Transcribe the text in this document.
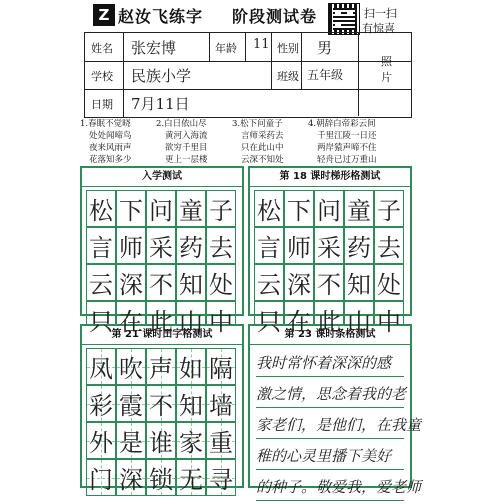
Z 赵汝飞练字 阶段测试卷	扫一扫
有惊喜
姓名 张宏博	年龄 11 性别 男
学校 民族小学	班级 五年级
日期 7月11日
照片
1.春眠不觉晓
处处闻啼鸟
夜来风雨声
花落知多少
2.白日依山尽
黄河入海流
欲穷千里目
更上一层楼
3.松下问童子
言师采药去
只在此山中
云深不知处
4.朝辞白帝彩云间
千里江陵一日还
两岸猿声啼不住
轻舟已过万重山
入学测试
松 下 问 童 子
言 师 采 药 去
云 深 不 知 处
只 在 此 山 中
第 18 课时梯形格测试
松 下 问 童 子
言 师 采 药 去
云 深 不 知 处
只 在 此 山 中
第 21 课时田字格测试
凤 吹 声 如 隔
彩 霞 不 知 墙
外 是 谁 家 重
门 深 锁 无 寻
第 23 课时条格测试
我时常怀着深深的感
激之情，思念着我的老
家老们，是他们，在我童
稚的心灵里播下美好
的种子。敬爱我，爱老师
